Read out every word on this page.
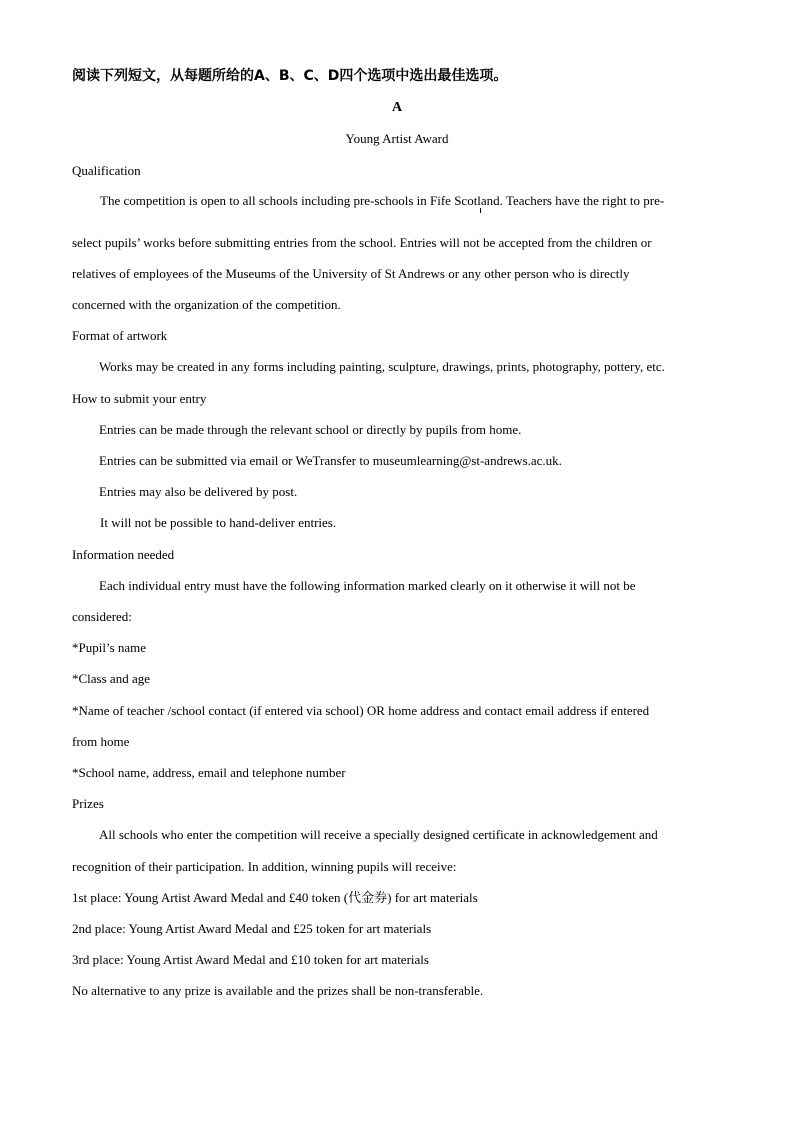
阅读下列短文，从每题所给的A、B、C、D四个选项中选出最佳选项。
A
Young Artist Award
Qualification
The competition is open to all schools including pre-schools in Fife Scotland. Teachers have the right to pre-
select pupils’ works before submitting entries from the school. Entries will not be accepted from the children or
relatives of employees of the Museums of the University of St Andrews or any other person who is directly
concerned with the organization of the competition.
Format of artwork
Works may be created in any forms including painting, sculpture, drawings, prints, photography, pottery, etc.
How to submit your entry
Entries can be made through the relevant school or directly by pupils from home.
Entries can be submitted via email or WeTransfer to museumlearning@st-andrews.ac.uk.
Entries may also be delivered by post.
It will not be possible to hand-deliver entries.
Information needed
Each individual entry must have the following information marked clearly on it otherwise it will not be
considered:
*Pupil’s name
*Class and age
*Name of teacher /school contact (if entered via school) OR home address and contact email address if entered
from home
*School name, address, email and telephone number
Prizes
All schools who enter the competition will receive a specially designed certificate in acknowledgement and
recognition of their participation. In addition, winning pupils will receive:
1st place: Young Artist Award Medal and £40 token (代金券) for art materials
2nd place: Young Artist Award Medal and £25 token for art materials
3rd place: Young Artist Award Medal and £10 token for art materials
No alternative to any prize is available and the prizes shall be non-transferable.
